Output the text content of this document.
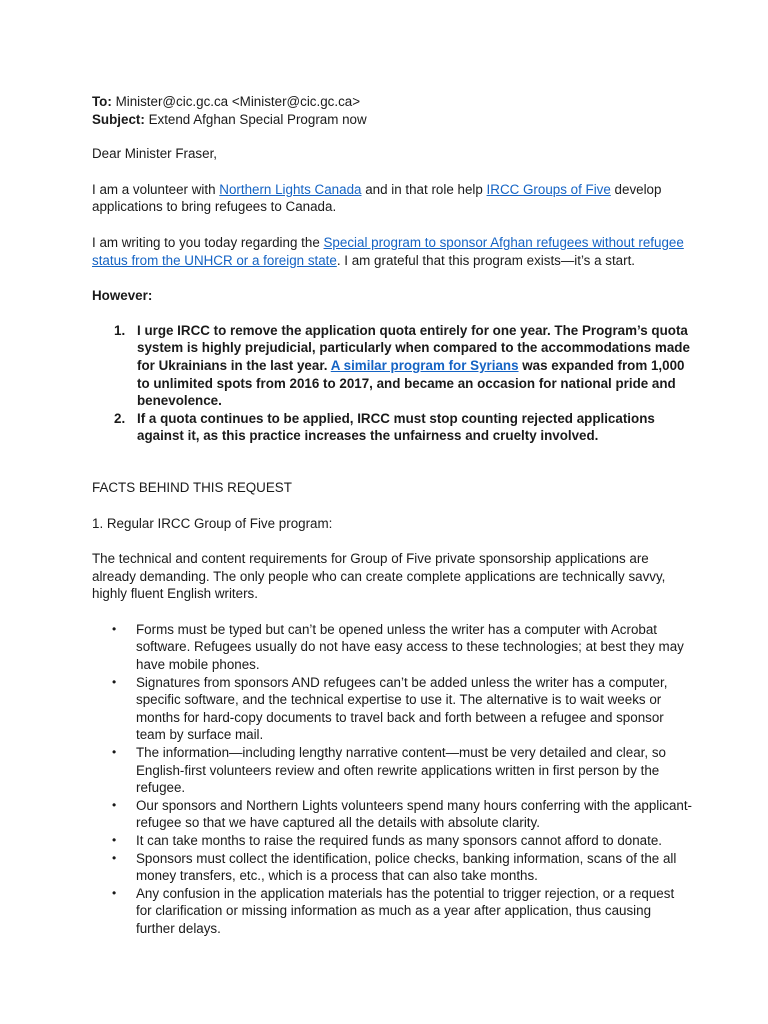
To: Minister@cic.gc.ca <Minister@cic.gc.ca>

Subject: Extend Afghan Special Program now

Dear Minister Fraser,

I am a volunteer with Northern Lights Canada and in that role help IRCC Groups of Five develop applications to bring refugees to Canada.

I am writing to you today regarding the Special program to sponsor Afghan refugees without refugee status from the UNHCR or a foreign state. I am grateful that this program exists—it’s a start.

However:

1. I urge IRCC to remove the application quota entirely for one year. The Program’s quota system is highly prejudicial, particularly when compared to the accommodations made for Ukrainians in the last year. A similar program for Syrians was expanded from 1,000 to unlimited spots from 2016 to 2017, and became an occasion for national pride and benevolence.
2. If a quota continues to be applied, IRCC must stop counting rejected applications against it, as this practice increases the unfairness and cruelty involved.

FACTS BEHIND THIS REQUEST

1. Regular IRCC Group of Five program:

The technical and content requirements for Group of Five private sponsorship applications are already demanding. The only people who can create complete applications are technically savvy, highly fluent English writers.

• Forms must be typed but can’t be opened unless the writer has a computer with Acrobat software. Refugees usually do not have easy access to these technologies; at best they may have mobile phones.
• Signatures from sponsors AND refugees can’t be added unless the writer has a computer, specific software, and the technical expertise to use it. The alternative is to wait weeks or months for hard-copy documents to travel back and forth between a refugee and sponsor team by surface mail.
• The information—including lengthy narrative content—must be very detailed and clear, so English-first volunteers review and often rewrite applications written in first person by the refugee.
• Our sponsors and Northern Lights volunteers spend many hours conferring with the applicant-refugee so that we have captured all the details with absolute clarity.
• It can take months to raise the required funds as many sponsors cannot afford to donate.
• Sponsors must collect the identification, police checks, banking information, scans of the all money transfers, etc., which is a process that can also take months.
• Any confusion in the application materials has the potential to trigger rejection, or a request for clarification or missing information as much as a year after application, thus causing further delays.
